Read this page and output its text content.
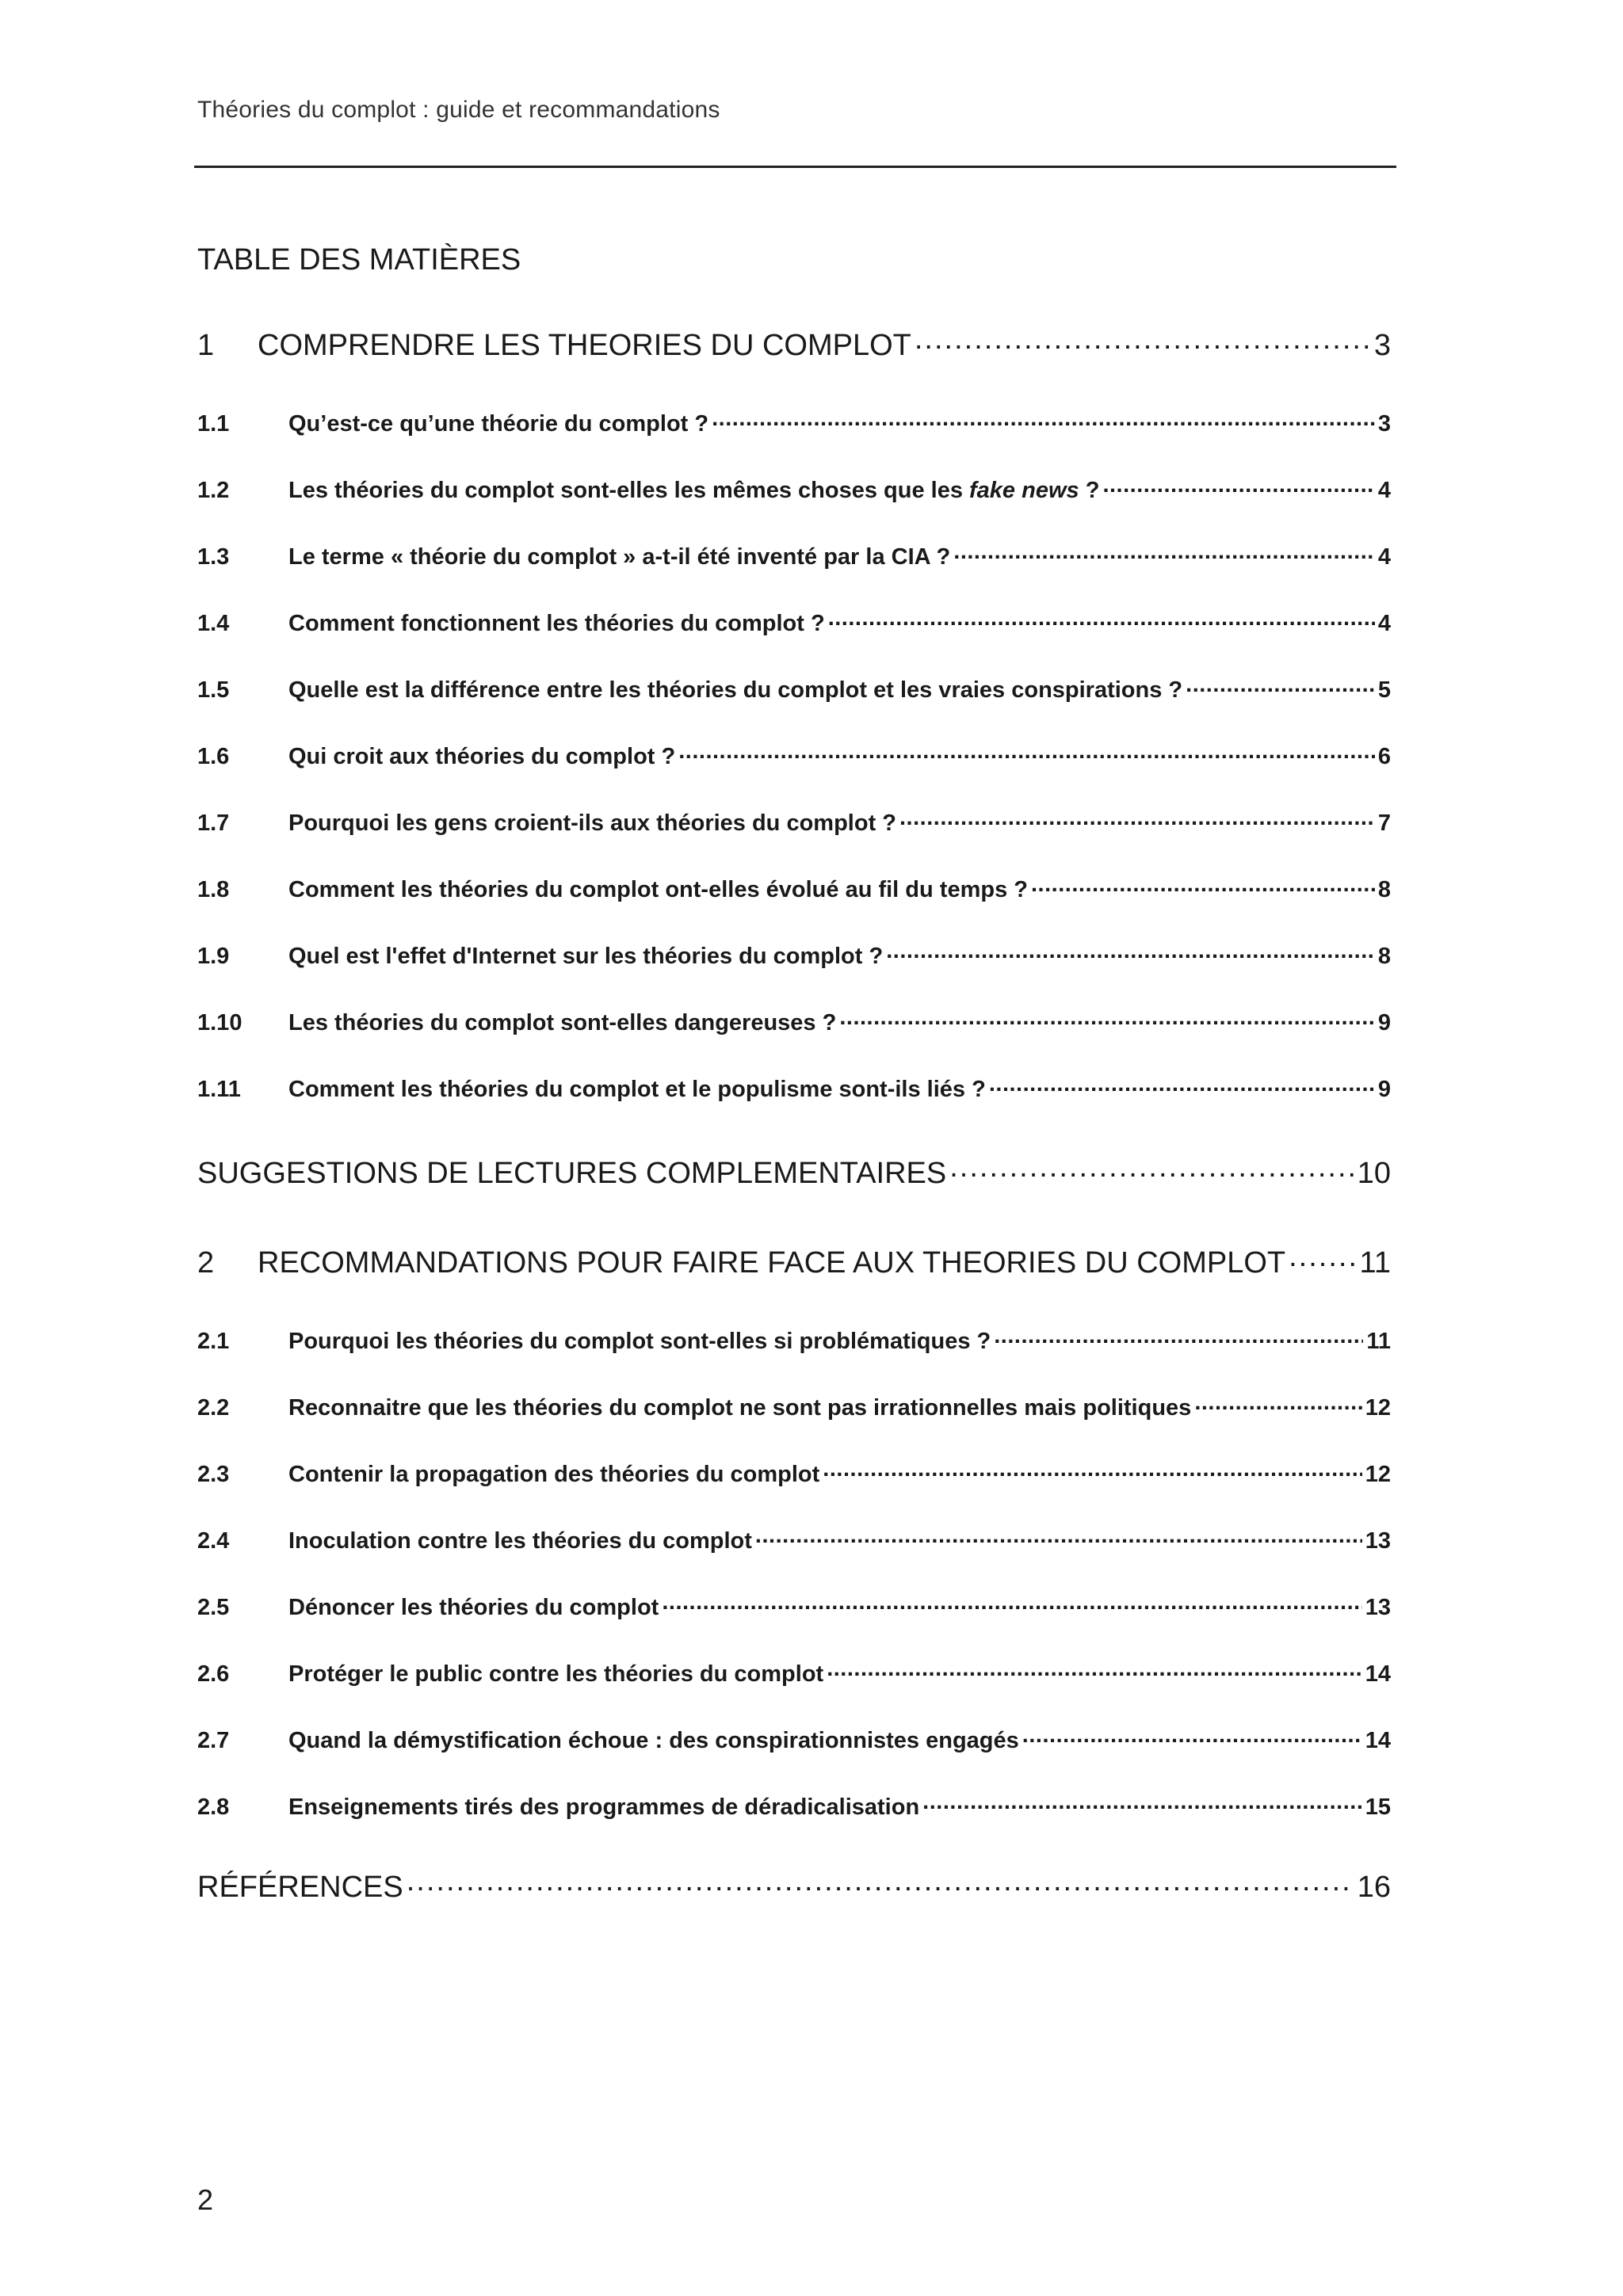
Théories du complot : guide et recommandations
TABLE DES MATIÈRES
1	COMPRENDRE LES THEORIES DU COMPLOT .....	3
1.1	Qu’est-ce qu’une théorie du complot ? .....	3
1.2	Les théories du complot sont-elles les mêmes choses que les fake news ? .....	4
1.3	Le terme « théorie du complot » a-t-il été inventé par la CIA ? .....	4
1.4	Comment fonctionnent les théories du complot ? .....	4
1.5	Quelle est la différence entre les théories du complot et les vraies conspirations ? .....	5
1.6	Qui croit aux théories du complot ? .....	6
1.7	Pourquoi les gens croient-ils aux théories du complot ? .....	7
1.8	Comment les théories du complot ont-elles évolué au fil du temps ? .....	8
1.9	Quel est l'effet d'Internet sur les théories du complot ? .....	8
1.10	Les théories du complot sont-elles dangereuses ? .....	9
1.11	Comment les théories du complot et le populisme sont-ils liés ? .....	9
SUGGESTIONS DE LECTURES COMPLEMENTAIRES .....	10
2	RECOMMANDATIONS POUR FAIRE FACE AUX THEORIES DU COMPLOT ..... 11
2.1	Pourquoi les théories du complot sont-elles si problématiques ? .....	11
2.2	Reconnaitre que les théories du complot ne sont pas irrationnelles mais politiques .....	12
2.3	Contenir la propagation des théories du complot .....	12
2.4	Inoculation contre les théories du complot .....	13
2.5	Dénoncer les théories du complot .....	13
2.6	Protéger le public contre les théories du complot .....	14
2.7	Quand la démystification échoue : des conspirationnistes engagés .....	14
2.8	Enseignements tirés des programmes de déradicalisation .....	15
RÉFÉRENCES .....	16
2
